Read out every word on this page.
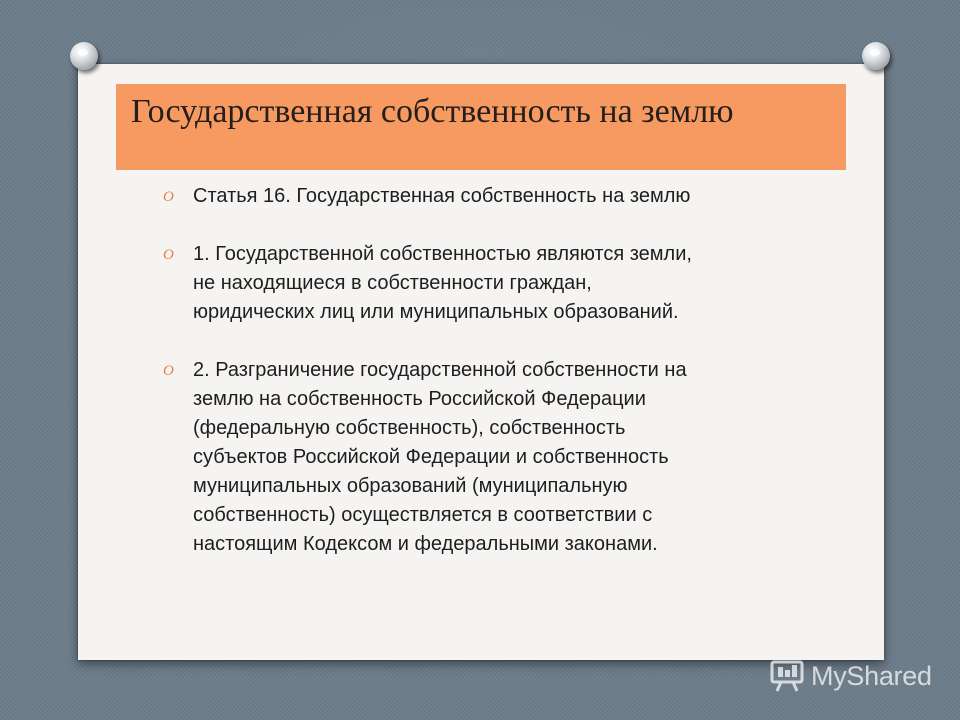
Государственная собственность на землю
O Статья 16. Государственная собственность на землю
O 1. Государственной собственностью являются земли,
не находящиеся в собственности граждан,
юридических лиц или муниципальных образований.
O 2. Разграничение государственной собственности на
землю на собственность Российской Федерации
(федеральную собственность), собственность
субъектов Российской Федерации и собственность
муниципальных образований (муниципальную
собственность) осуществляется в соответствии с
настоящим Кодексом и федеральными законами.
MyShared
